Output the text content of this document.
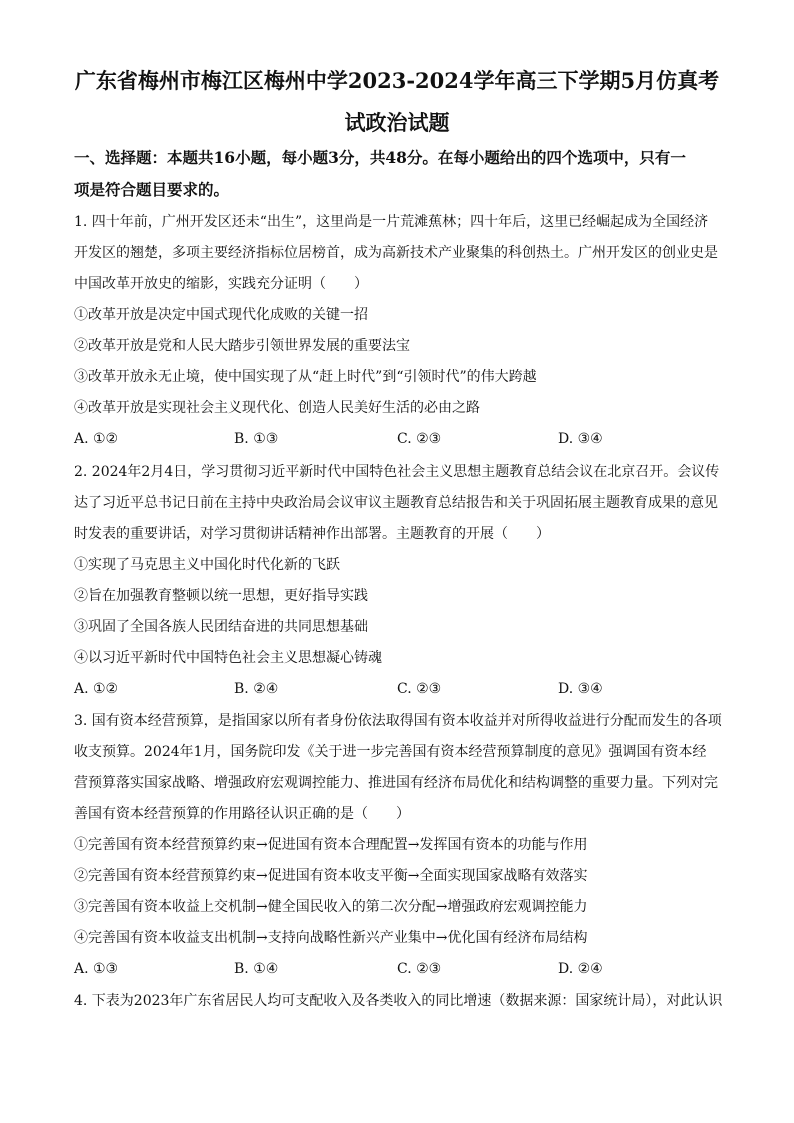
广东省梅州市梅江区梅州中学2023-2024学年高三下学期5月仿真考
试政治试题
一、选择题：本题共16小题，每小题3分，共48分。在每小题给出的四个选项中，只有一
项是符合题目要求的。
1. 四十年前，广州开发区还未“出生”，这里尚是一片荒滩蕉林；四十年后，这里已经崛起成为全国经济
开发区的翘楚，多项主要经济指标位居榜首，成为高新技术产业聚集的科创热土。广州开发区的创业史是
中国改革开放史的缩影，实践充分证明（　　）
①改革开放是决定中国式现代化成败的关键一招
②改革开放是党和人民大踏步引领世界发展的重要法宝
③改革开放永无止境，使中国实现了从“赶上时代”到“引领时代”的伟大跨越
④改革开放是实现社会主义现代化、创造人民美好生活的必由之路
A. ①②	B. ①③	C. ②③	D. ③④
2. 2024年2月4日，学习贯彻习近平新时代中国特色社会主义思想主题教育总结会议在北京召开。会议传
达了习近平总书记日前在主持中央政治局会议审议主题教育总结报告和关于巩固拓展主题教育成果的意见
时发表的重要讲话，对学习贯彻讲话精神作出部署。主题教育的开展（　　）
①实现了马克思主义中国化时代化新的飞跃
②旨在加强教育整顿以统一思想，更好指导实践
③巩固了全国各族人民团结奋进的共同思想基础
④以习近平新时代中国特色社会主义思想凝心铸魂
A. ①②	B. ②④	C. ②③	D. ③④
3. 国有资本经营预算，是指国家以所有者身份依法取得国有资本收益并对所得收益进行分配而发生的各项
收支预算。2024年1月，国务院印发《关于进一步完善国有资本经营预算制度的意见》强调国有资本经
营预算落实国家战略、增强政府宏观调控能力、推进国有经济布局优化和结构调整的重要力量。下列对完
善国有资本经营预算的作用路径认识正确的是（　　）
①完善国有资本经营预算约束→促进国有资本合理配置→发挥国有资本的功能与作用
②完善国有资本经营预算约束→促进国有资本收支平衡→全面实现国家战略有效落实
③完善国有资本收益上交机制→健全国民收入的第二次分配→增强政府宏观调控能力
④完善国有资本收益支出机制→支持向战略性新兴产业集中→优化国有经济布局结构
A. ①③	B. ①④	C. ②③	D. ②④
4. 下表为2023年广东省居民人均可支配收入及各类收入的同比增速（数据来源：国家统计局），对此认识
